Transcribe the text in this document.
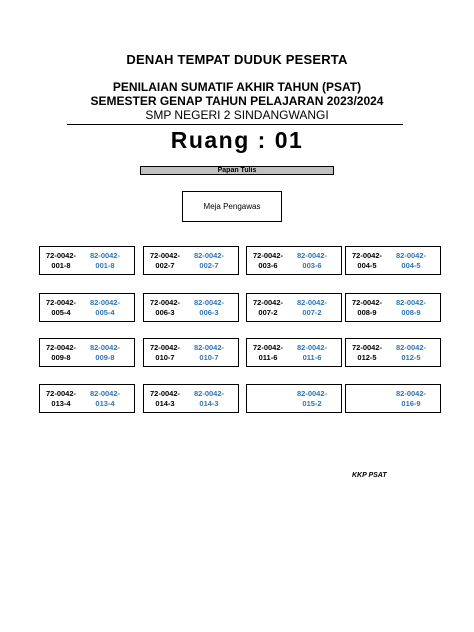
DENAH TEMPAT DUDUK PESERTA
PENILAIAN SUMATIF AKHIR TAHUN (PSAT)
SEMESTER GENAP TAHUN PELAJARAN 2023/2024
SMP NEGERI 2 SINDANGWANGI
Ruang : 01
Papan Tulis
Meja Pengawas
72-0042-
001-8
82-0042-
001-8
72-0042-
002-7
82-0042-
002-7
72-0042-
003-6
82-0042-
003-6
72-0042-
004-5
82-0042-
004-5
72-0042-
005-4
82-0042-
005-4
72-0042-
006-3
82-0042-
006-3
72-0042-
007-2
82-0042-
007-2
72-0042-
008-9
82-0042-
008-9
72-0042-
009-8
82-0042-
009-8
72-0042-
010-7
82-0042-
010-7
72-0042-
011-6
82-0042-
011-6
72-0042-
012-5
82-0042-
012-5
72-0042-
013-4
82-0042-
013-4
72-0042-
014-3
82-0042-
014-3
82-0042-
015-2
82-0042-
016-9
KKP PSAT
